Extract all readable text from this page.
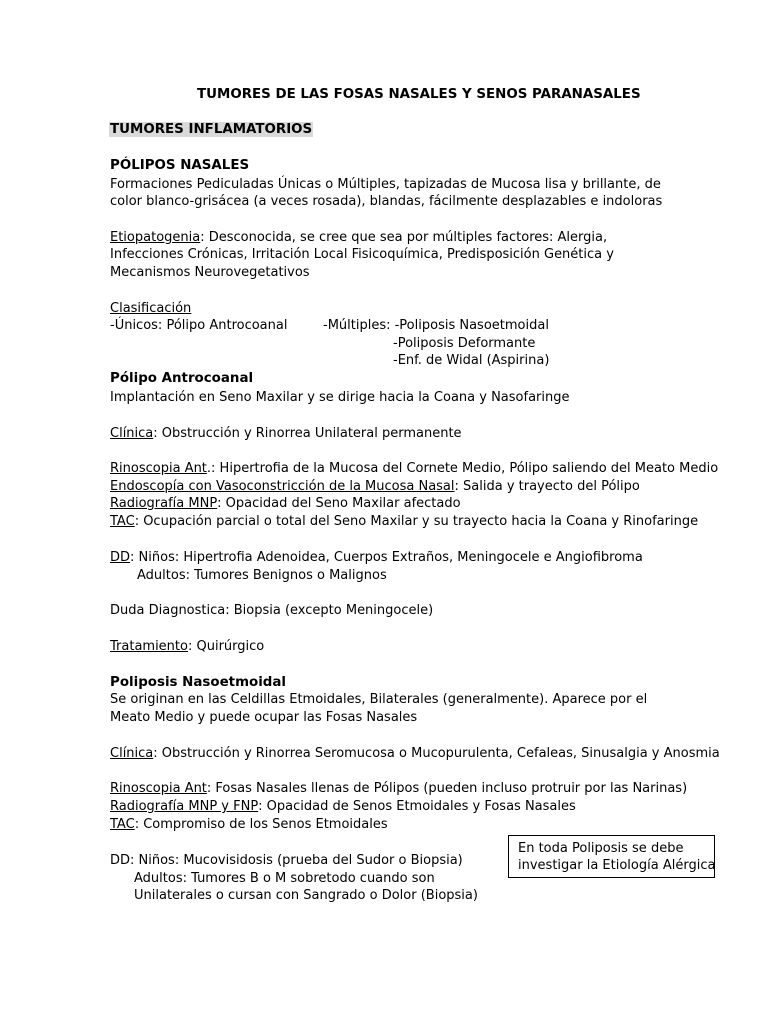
TUMORES DE LAS FOSAS NASALES Y SENOS PARANASALES
TUMORES INFLAMATORIOS
PÓLIPOS NASALES
Formaciones Pediculadas Únicas o Múltiples, tapizadas de Mucosa lisa y brillante, de
color blanco-grisácea (a veces rosada), blandas, fácilmente desplazables e indoloras
Etiopatogenia: Desconocida, se cree que sea por múltiples factores: Alergia,
Infecciones Crónicas, Irritación Local Fisicoquímica, Predisposición Genética y
Mecanismos Neurovegetativos
Clasificación
-Únicos: Pólipo Antrocoanal	-Múltiples: -Poliposis Nasoetmoidal
-Poliposis Deformante
-Enf. de Widal (Aspirina)
Pólipo Antrocoanal
Implantación en Seno Maxilar y se dirige hacia la Coana y Nasofaringe
Clínica: Obstrucción y Rinorrea Unilateral permanente
Rinoscopia Ant.: Hipertrofia de la Mucosa del Cornete Medio, Pólipo saliendo del Meato Medio
Endoscopía con Vasoconstricción de la Mucosa Nasal: Salida y trayecto del Pólipo
Radiografía MNP: Opacidad del Seno Maxilar afectado
TAC: Ocupación parcial o total del Seno Maxilar y su trayecto hacia la Coana y Rinofaringe
DD: Niños: Hipertrofia Adenoidea, Cuerpos Extraños, Meningocele e Angiofibroma
Adultos: Tumores Benignos o Malignos
Duda Diagnostica: Biopsia (excepto Meningocele)
Tratamiento: Quirúrgico
Poliposis Nasoetmoidal
Se originan en las Celdillas Etmoidales, Bilaterales (generalmente). Aparece por el
Meato Medio y puede ocupar las Fosas Nasales
Clínica: Obstrucción y Rinorrea Seromucosa o Mucopurulenta, Cefaleas, Sinusalgia y Anosmia
Rinoscopia Ant: Fosas Nasales llenas de Pólipos (pueden incluso protruir por las Narinas)
Radiografía MNP y FNP: Opacidad de Senos Etmoidales y Fosas Nasales
TAC: Compromiso de los Senos Etmoidales
DD: Niños: Mucovisidosis (prueba del Sudor o Biopsia)
Adultos: Tumores B o M sobretodo cuando son
Unilaterales o cursan con Sangrado o Dolor (Biopsia)
En toda Poliposis se debe
investigar la Etiología Alérgica
